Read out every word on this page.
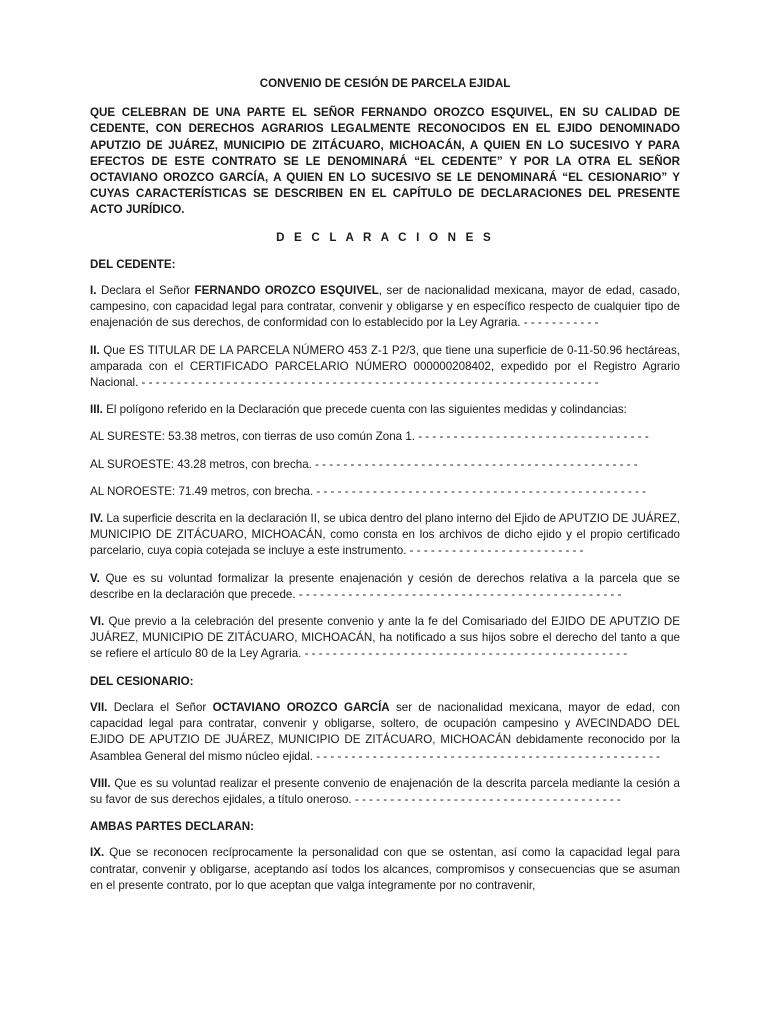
CONVENIO DE CESIÓN DE PARCELA EJIDAL

QUE CELEBRAN DE UNA PARTE EL SEÑOR FERNANDO OROZCO ESQUIVEL, EN SU CALIDAD DE CEDENTE, CON DERECHOS AGRARIOS LEGALMENTE RECONOCIDOS EN EL EJIDO DENOMINADO APUTZIO DE JUÁREZ, MUNICIPIO DE ZITÁCUARO, MICHOACÁN, A QUIEN EN LO SUCESIVO Y PARA EFECTOS DE ESTE CONTRATO SE LE DENOMINARÁ “EL CEDENTE” Y POR LA OTRA EL SEÑOR OCTAVIANO OROZCO GARCÍA, A QUIEN EN LO SUCESIVO SE LE DENOMINARÁ “EL CESIONARIO” Y CUYAS CARACTERÍSTICAS SE DESCRIBEN EN EL CAPÍTULO DE DECLARACIONES DEL PRESENTE ACTO JURÍDICO.

D E C L A R A C I O N E S

DEL CEDENTE:

I. Declara el Señor FERNANDO OROZCO ESQUIVEL, ser de nacionalidad mexicana, mayor de edad, casado, campesino, con capacidad legal para contratar, convenir y obligarse y en específico respecto de cualquier tipo de enajenación de sus derechos, de conformidad con lo establecido por la Ley Agraria. - - - - - - - - - - -

II. Que ES TITULAR DE LA PARCELA NÚMERO 453 Z-1 P2/3, que tiene una superficie de 0-11-50.96 hectáreas, amparada con el CERTIFICADO PARCELARIO NÚMERO 000000208402, expedido por el Registro Agrario Nacional. - - - - - - - - - - - - - - - - - - - - - - - - - - - - - - - - - - - - - - - - - - - - - - - - - - - - - - - - - - - - - - - - -

III. El polígono referido en la Declaración que precede cuenta con las siguientes medidas y colindancias:

AL SURESTE: 53.38 metros, con tierras de uso común Zona 1. - - - - - - - - - - - - - - - - - - - - - - - - - - - - - - - - -

AL SUROESTE: 43.28 metros, con brecha. - - - - - - - - - - - - - - - - - - - - - - - - - - - - - - - - - - - - - - - - - - - - - -

AL NOROESTE: 71.49 metros, con brecha. - - - - - - - - - - - - - - - - - - - - - - - - - - - - - - - - - - - - - - - - - - - - - - -

IV. La superficie descrita en la declaración II, se ubica dentro del plano interno del Ejido de APUTZIO DE JUÁREZ, MUNICIPIO DE ZITÁCUARO, MICHOACÁN, como consta en los archivos de dicho ejido y el propio certificado parcelario, cuya copia cotejada se incluye a este instrumento. - - - - - - - - - - - - - - - - - - - - - - - - -

V. Que es su voluntad formalizar la presente enajenación y cesión de derechos relativa a la parcela que se describe en la declaración que precede. - - - - - - - - - - - - - - - - - - - - - - - - - - - - - - - - - - - - - - - - - - - - - -

VI. Que previo a la celebración del presente convenio y ante la fe del Comisariado del EJIDO DE APUTZIO DE JUÁREZ, MUNICIPIO DE ZITÁCUARO, MICHOACÁN, ha notificado a sus hijos sobre el derecho del tanto a que se refiere el artículo 80 de la Ley Agraria. - - - - - - - - - - - - - - - - - - - - - - - - - - - - - - - - - - - - - - - - - - - - - -

DEL CESIONARIO:

VII. Declara el Señor OCTAVIANO OROZCO GARCÍA ser de nacionalidad mexicana, mayor de edad, con capacidad legal para contratar, convenir y obligarse, soltero, de ocupación campesino y AVECINDADO DEL EJIDO DE APUTZIO DE JUÁREZ, MUNICIPIO DE ZITÁCUARO, MICHOACÁN debidamente reconocido por la Asamblea General del mismo núcleo ejidal. - - - - - - - - - - - - - - - - - - - - - - - - - - - - - - - - - - - - - - - - - - - - - - - - -

VIII. Que es su voluntad realizar el presente convenio de enajenación de la descrita parcela mediante la cesión a su favor de sus derechos ejidales, a título oneroso. - - - - - - - - - - - - - - - - - - - - - - - - - - - - - - - - - - - - - -

AMBAS PARTES DECLARAN:

IX. Que se reconocen recíprocamente la personalidad con que se ostentan, así como la capacidad legal para contratar, convenir y obligarse, aceptando así todos los alcances, compromisos y consecuencias que se asuman en el presente contrato, por lo que aceptan que valga íntegramente por no contravenir,
